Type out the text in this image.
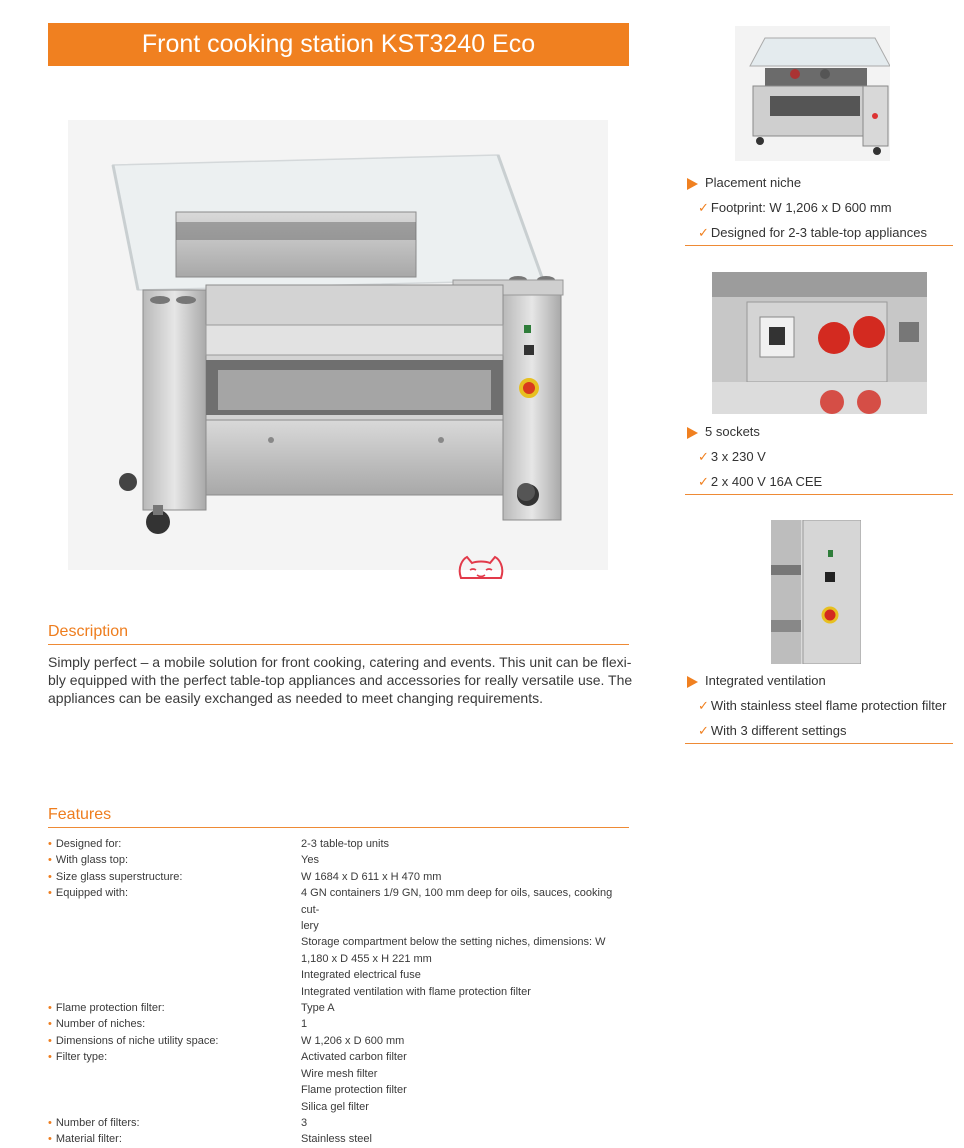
Front cooking station KST3240 Eco
Description
Simply perfect – a mobile solution for front cooking, catering and events. This unit can be flexi-
bly equipped with the perfect table-top appliances and accessories for really versatile use. The
appliances can be easily exchanged as needed to meet changing requirements.
Features
• Designed for:	2-3 table-top units
• With glass top:	Yes
• Size glass superstructure:	W 1684 x D 611 x H 470 mm
• Equipped with:	4 GN containers 1/9 GN, 100 mm deep for oils, sauces, cooking cut-
lery
Storage compartment below the setting niches, dimensions: W
1,180 x D 455 x H 221 mm
Integrated electrical fuse
Integrated ventilation with flame protection filter
• Flame protection filter:	Type A
• Number of niches:	1
• Dimensions of niche utility space:	W 1,206 x D 600 mm
• Filter type:	Activated carbon filter
Wire mesh filter
Flame protection filter
Silica gel filter
• Number of filters:	3
• Material filter:	Stainless steel
Placement niche
✓ Footprint: W 1,206 x D 600 mm
✓ Designed for 2-3 table-top appliances
5 sockets
✓ 3 x 230 V
✓ 2 x 400 V 16A CEE
Integrated ventilation
✓ With stainless steel flame protection filter
✓ With 3 different settings
